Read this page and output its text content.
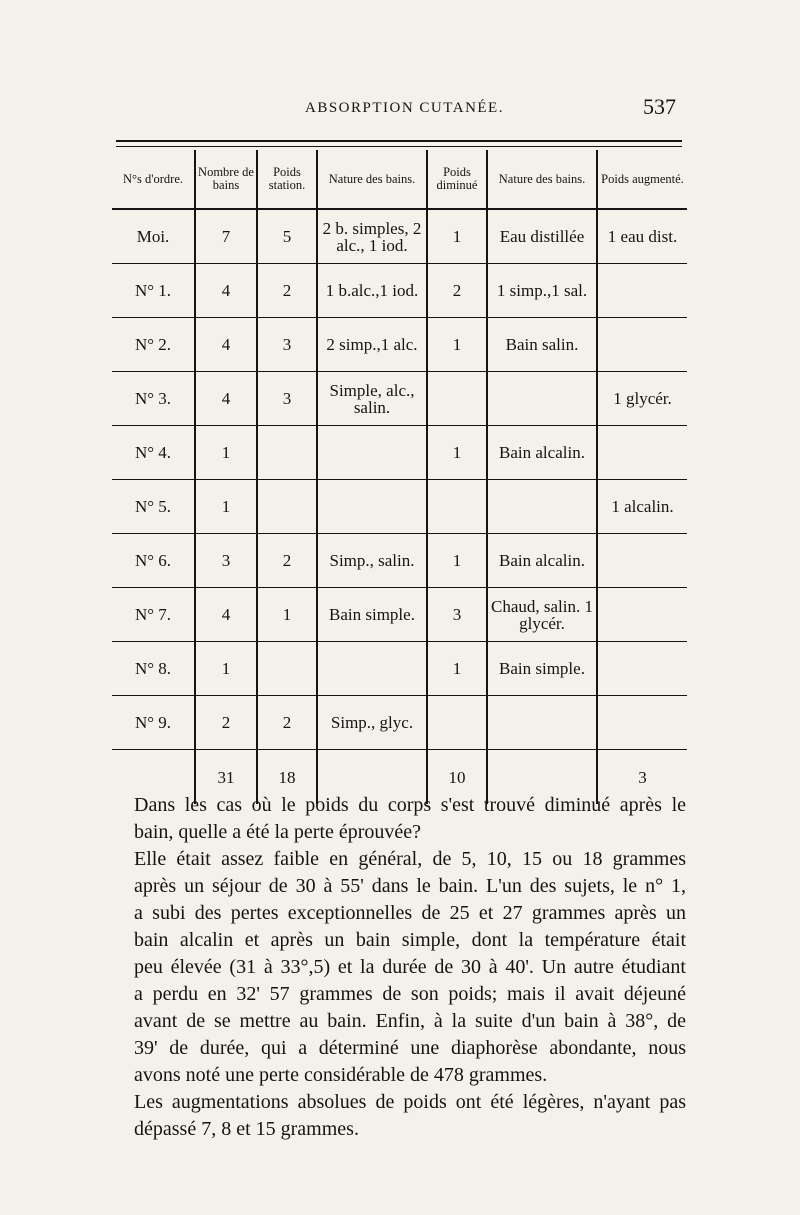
ABSORPTION CUTANÉE.	537
N°s d'ordre.	Nombre de bains	Poids station.	Nature des bains.	Poids diminué	Nature des bains.	Poids augmenté.
Moi.	7	5	2 b. simples, 2 alc., 1 iod.	1	Eau distillée	1 eau dist.
N° 1.	4	2	1 b.alc.,1 iod.	2	1 simp.,1 sal.	
N° 2.	4	3	2 simp.,1 alc.	1	Bain salin.	
N° 3.	4	3	Simple, alc., salin.			1 glycér.
N° 4.	1			1	Bain alcalin.	
N° 5.	1					1 alcalin.
N° 6.	3	2	Simp., salin.	1	Bain alcalin.	
N° 7.	4	1	Bain simple.	3	Chaud, salin. 1 glycér.	
N° 8.	1			1	Bain simple.	
N° 9.	2	2	Simp., glyc.			
	31	18		10		3

Dans les cas où le poids du corps s'est trouvé diminué après le
bain, quelle a été la perte éprouvée?

Elle était assez faible en général, de 5, 10, 15 ou 18 grammes
après un séjour de 30 à 55' dans le bain. L'un des sujets, le n° 1,
a subi des pertes exceptionnelles de 25 et 27 grammes après un
bain alcalin et après un bain simple, dont la température était
peu élevée (31 à 33°,5) et la durée de 30 à 40'. Un autre étudiant
a perdu en 32' 57 grammes de son poids; mais il avait déjeuné
avant de se mettre au bain. Enfin, à la suite d'un bain à 38°, de
39' de durée, qui a déterminé une diaphorèse abondante, nous
avons noté une perte considérable de 478 grammes.

Les augmentations absolues de poids ont été légères, n'ayant pas
dépassé 7, 8 et 15 grammes.
